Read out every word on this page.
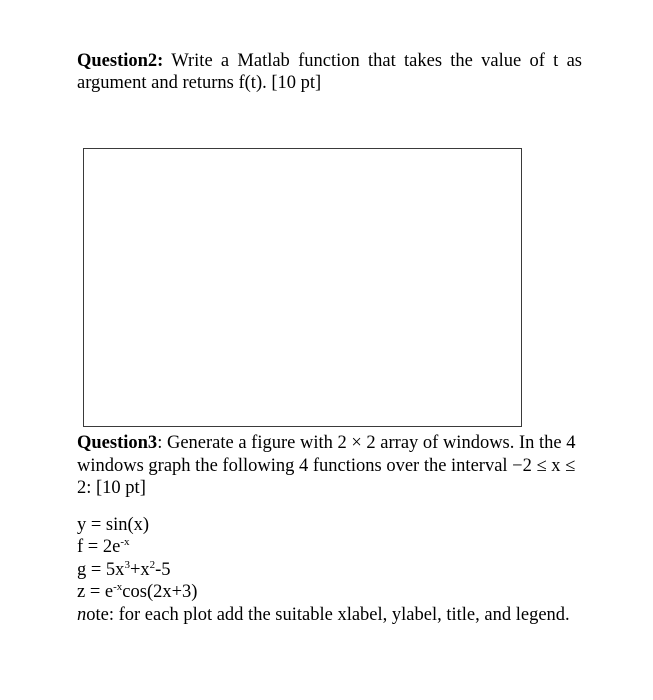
Question2: Write a Matlab function that takes the value of t as argument and returns f(t). [10 pt]

Question3: Generate a figure with 2 × 2 array of windows. In the 4 windows graph the following 4 functions over the interval −2 ≤ x ≤ 2: [10 pt]

y = sin(x)
$f = 2e^{-x}$
$g = 5x^3+x^2-5$
$z = e^{-x}\cos(2x+3)$
note: for each plot add the suitable xlabel, ylabel, title, and legend.
